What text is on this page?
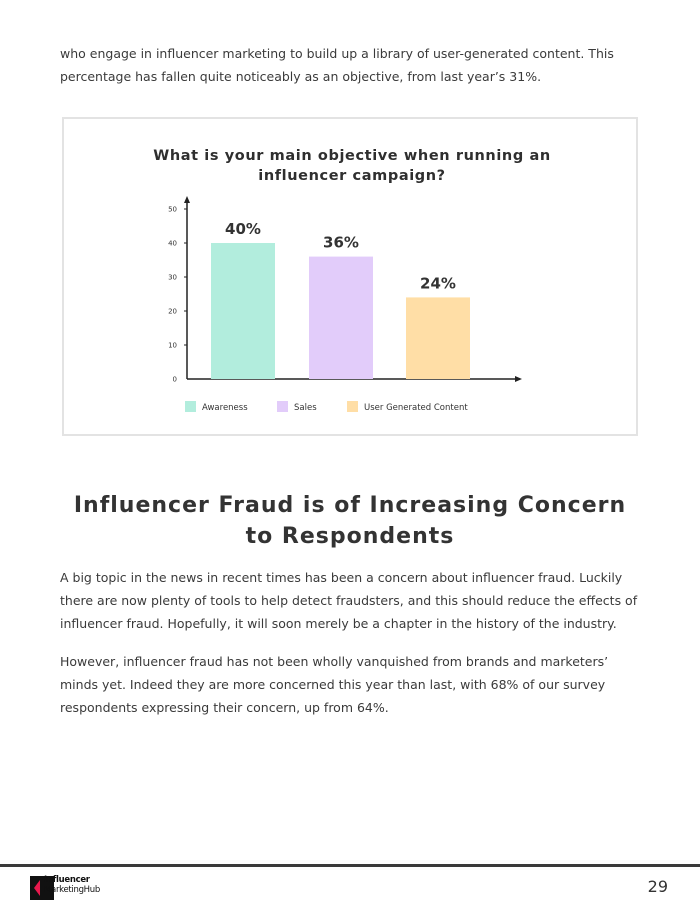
who engage in influencer marketing to build up a library of user-generated content. This percentage has fallen quite noticeably as an objective, from last year’s 31%.

What is your main objective when running an
influencer campaign?
0
10
20
30
40
50
40%
36%
24%
Awareness	Sales	User Generated Content
Influencer Fraud is of Increasing Concern to Respondents

A big topic in the news in recent times has been a concern about influencer fraud. Luckily there are now plenty of tools to help detect fraudsters, and this should reduce the effects of influencer fraud. Hopefully, it will soon merely be a chapter in the history of the industry.

However, influencer fraud has not been wholly vanquished from brands and marketers’ minds yet. Indeed they are more concerned this year than last, with 68% of our survey respondents expressing their concern, up from 64%.

Influencer
MarketingHub	29
